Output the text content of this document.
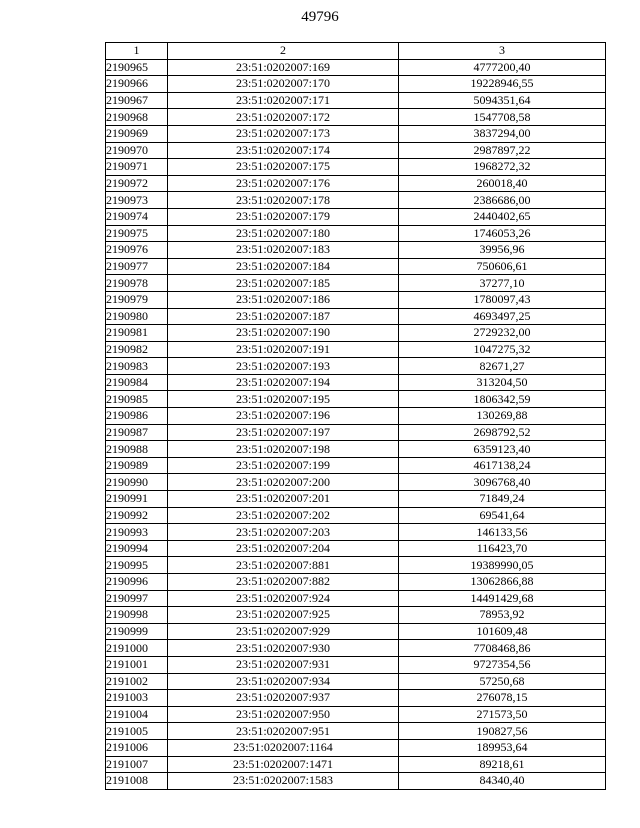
49796
1	2	3
2190965	23:51:0202007:169	4777200,40
2190966	23:51:0202007:170	19228946,55
2190967	23:51:0202007:171	5094351,64
2190968	23:51:0202007:172	1547708,58
2190969	23:51:0202007:173	3837294,00
2190970	23:51:0202007:174	2987897,22
2190971	23:51:0202007:175	1968272,32
2190972	23:51:0202007:176	260018,40
2190973	23:51:0202007:178	2386686,00
2190974	23:51:0202007:179	2440402,65
2190975	23:51:0202007:180	1746053,26
2190976	23:51:0202007:183	39956,96
2190977	23:51:0202007:184	750606,61
2190978	23:51:0202007:185	37277,10
2190979	23:51:0202007:186	1780097,43
2190980	23:51:0202007:187	4693497,25
2190981	23:51:0202007:190	2729232,00
2190982	23:51:0202007:191	1047275,32
2190983	23:51:0202007:193	82671,27
2190984	23:51:0202007:194	313204,50
2190985	23:51:0202007:195	1806342,59
2190986	23:51:0202007:196	130269,88
2190987	23:51:0202007:197	2698792,52
2190988	23:51:0202007:198	6359123,40
2190989	23:51:0202007:199	4617138,24
2190990	23:51:0202007:200	3096768,40
2190991	23:51:0202007:201	71849,24
2190992	23:51:0202007:202	69541,64
2190993	23:51:0202007:203	146133,56
2190994	23:51:0202007:204	116423,70
2190995	23:51:0202007:881	19389990,05
2190996	23:51:0202007:882	13062866,88
2190997	23:51:0202007:924	14491429,68
2190998	23:51:0202007:925	78953,92
2190999	23:51:0202007:929	101609,48
2191000	23:51:0202007:930	7708468,86
2191001	23:51:0202007:931	9727354,56
2191002	23:51:0202007:934	57250,68
2191003	23:51:0202007:937	276078,15
2191004	23:51:0202007:950	271573,50
2191005	23:51:0202007:951	190827,56
2191006	23:51:0202007:1164	189953,64
2191007	23:51:0202007:1471	89218,61
2191008	23:51:0202007:1583	84340,40
